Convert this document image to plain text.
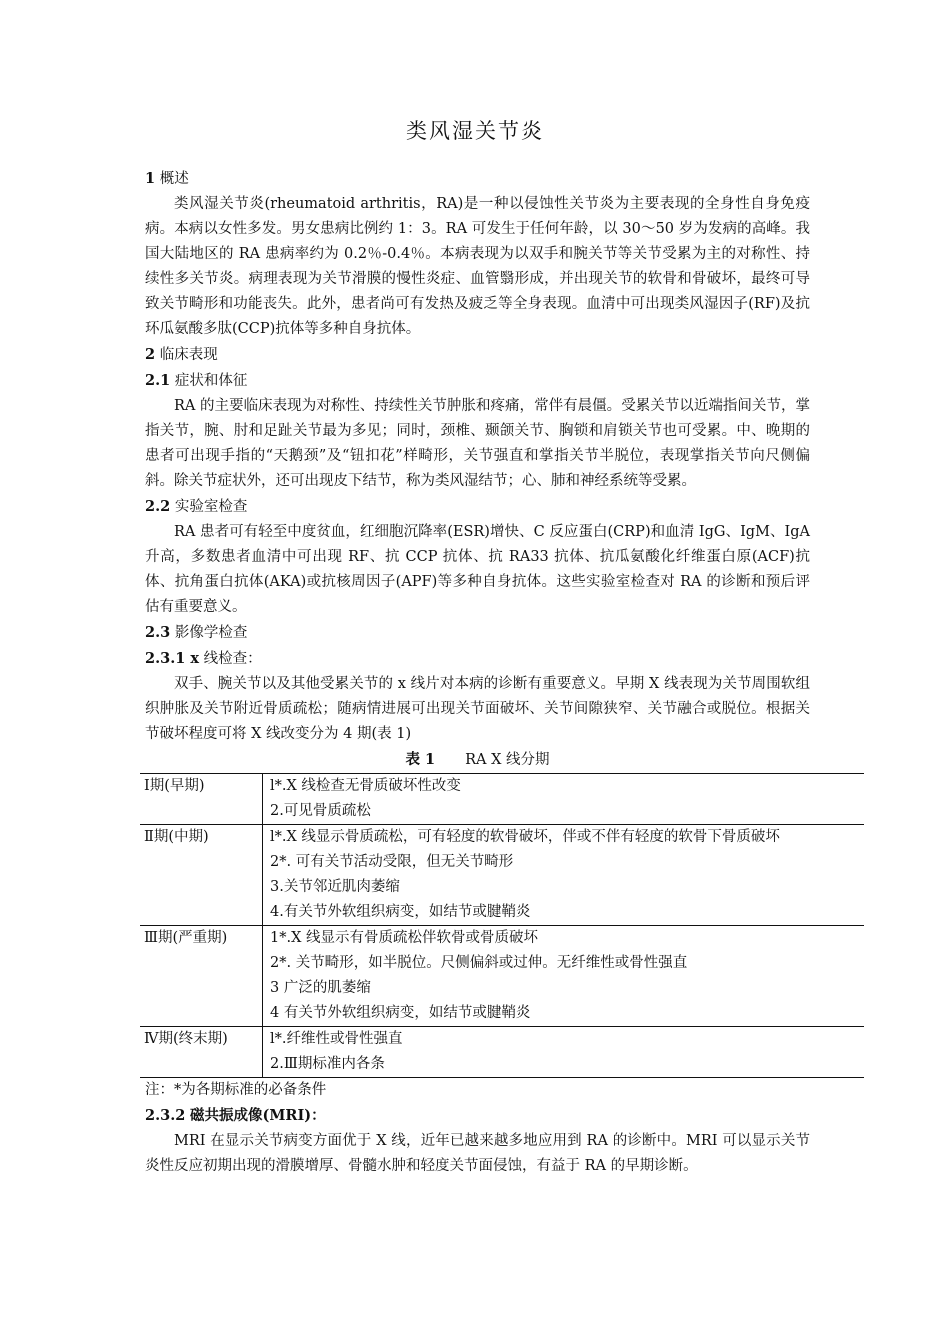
类风湿关节炎

1 概述

类风湿关节炎(rheumatoid arthritis，RA)是一种以侵蚀性关节炎为主要表现的全身性自身免疫病。本病以女性多发。男女患病比例约 1：3。RA 可发生于任何年龄，以 30～50 岁为发病的高峰。我国大陆地区的 RA 患病率约为 0.2％-0.4％。本病表现为以双手和腕关节等关节受累为主的对称性、持续性多关节炎。病理表现为关节滑膜的慢性炎症、血管翳形成，并出现关节的软骨和骨破坏，最终可导致关节畸形和功能丧失。此外，患者尚可有发热及疲乏等全身表现。血清中可出现类风湿因子(RF)及抗环瓜氨酸多肽(CCP)抗体等多种自身抗体。

2 临床表现

2.1 症状和体征

RA 的主要临床表现为对称性、持续性关节肿胀和疼痛，常伴有晨僵。受累关节以近端指间关节，掌指关节，腕、肘和足趾关节最为多见；同时，颈椎、颞颌关节、胸锁和肩锁关节也可受累。中、晚期的患者可出现手指的“天鹅颈”及“钮扣花”样畸形，关节强直和掌指关节半脱位，表现掌指关节向尺侧偏斜。除关节症状外，还可出现皮下结节，称为类风湿结节；心、肺和神经系统等受累。

2.2 实验室检查

RA 患者可有轻至中度贫血，红细胞沉降率(ESR)增快、C 反应蛋白(CRP)和血清 IgG、IgM、IgA 升高，多数患者血清中可出现 RF、抗 CCP 抗体、抗 RA33 抗体、抗瓜氨酸化纤维蛋白原(ACF)抗体、抗角蛋白抗体(AKA)或抗核周因子(APF)等多种自身抗体。这些实验室检查对 RA 的诊断和预后评估有重要意义。

2.3 影像学检查

2.3.1 x 线检查：

双手、腕关节以及其他受累关节的 x 线片对本病的诊断有重要意义。早期 X 线表现为关节周围软组织肿胀及关节附近骨质疏松；随病情进展可出现关节面破坏、关节间隙狭窄、关节融合或脱位。根据关节破坏程度可将 X 线改变分为 4 期(表 1)

表 1 RA X 线分期

Ⅰ期(早期)	l*.X 线检查无骨质破坏性改变
2.可见骨质疏松

Ⅱ期(中期)	l*.X 线显示骨质疏松，可有轻度的软骨破坏，伴或不伴有轻度的软骨下骨质破坏
2*. 可有关节活动受限，但无关节畸形
3.关节邻近肌肉萎缩
4.有关节外软组织病变，如结节或腱鞘炎

Ⅲ期(严重期)	1*.X 线显示有骨质疏松伴软骨或骨质破坏
2*. 关节畸形，如半脱位。尺侧偏斜或过伸。无纤维性或骨性强直
3 广泛的肌萎缩
4 有关节外软组织病变，如结节或腱鞘炎

Ⅳ期(终末期)	l*.纤维性或骨性强直
2.Ⅲ期标准内各条

注：*为各期标准的必备条件

2.3.2 磁共振成像(MRI)：

MRI 在显示关节病变方面优于 X 线，近年已越来越多地应用到 RA 的诊断中。MRI 可以显示关节炎性反应初期出现的滑膜增厚、骨髓水肿和轻度关节面侵蚀，有益于 RA 的早期诊断。
